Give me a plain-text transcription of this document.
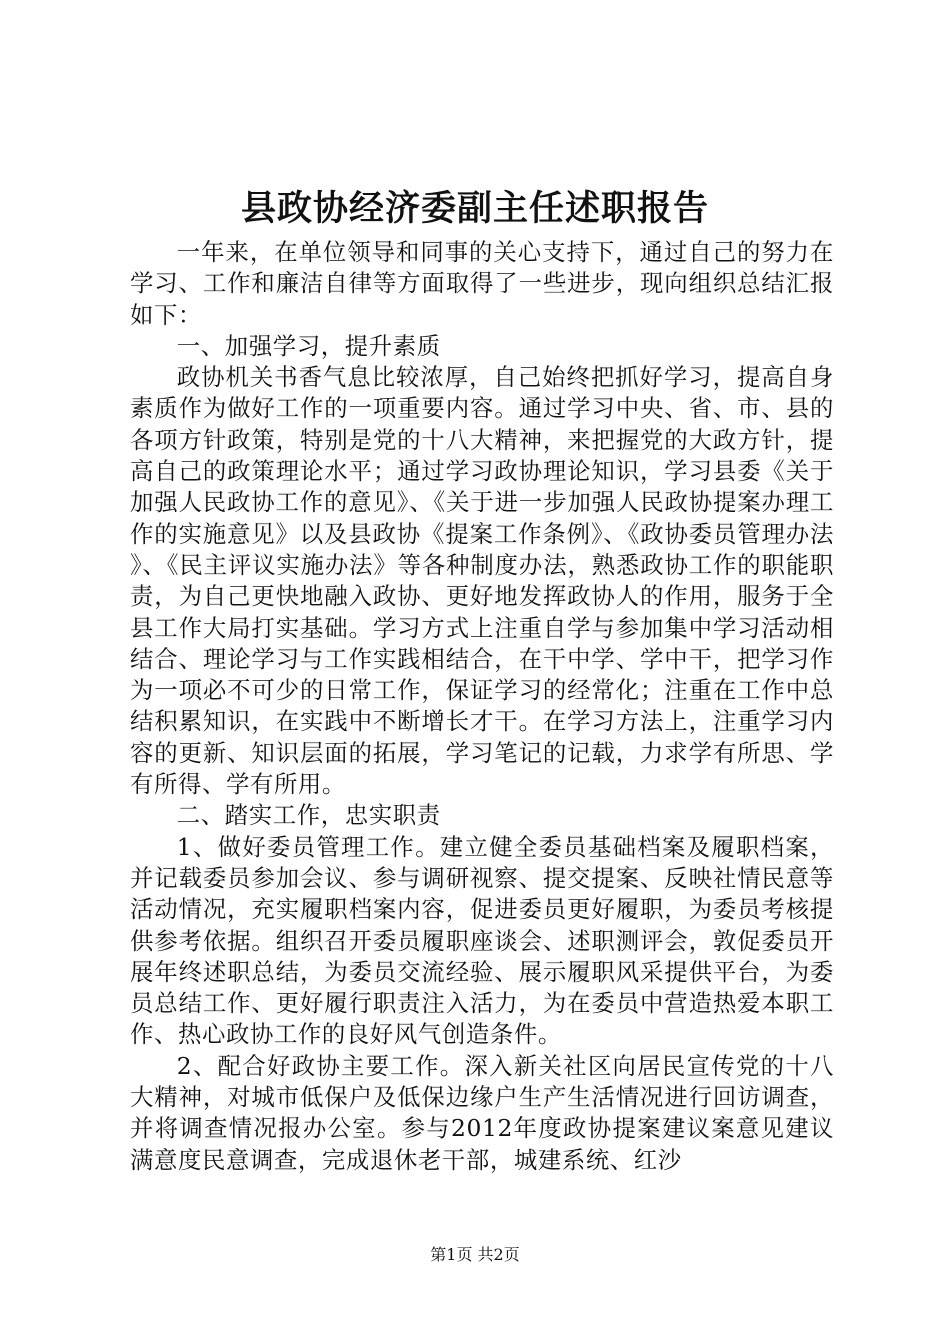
县政协经济委副主任述职报告

一年来，在单位领导和同事的关心支持下，通过自己的努力在学习、工作和廉洁自律等方面取得了一些进步，现向组织总结汇报如下：

一、加强学习，提升素质

政协机关书香气息比较浓厚，自己始终把抓好学习，提高自身素质作为做好工作的一项重要内容。通过学习中央、省、市、县的各项方针政策，特别是党的十八大精神，来把握党的大政方针，提高自己的政策理论水平；通过学习政协理论知识，学习县委《关于加强人民政协工作的意见》、《关于进一步加强人民政协提案办理工作的实施意见》以及县政协《提案工作条例》、《政协委员管理办法》、《民主评议实施办法》等各种制度办法，熟悉政协工作的职能职责，为自己更快地融入政协、更好地发挥政协人的作用，服务于全县工作大局打实基础。学习方式上注重自学与参加集中学习活动相结合、理论学习与工作实践相结合，在干中学、学中干，把学习作为一项必不可少的日常工作，保证学习的经常化；注重在工作中总结积累知识，在实践中不断增长才干。在学习方法上，注重学习内容的更新、知识层面的拓展，学习笔记的记载，力求学有所思、学有所得、学有所用。

二、踏实工作，忠实职责

1、做好委员管理工作。建立健全委员基础档案及履职档案，并记载委员参加会议、参与调研视察、提交提案、反映社情民意等活动情况，充实履职档案内容，促进委员更好履职，为委员考核提供参考依据。组织召开委员履职座谈会、述职测评会，敦促委员开展年终述职总结，为委员交流经验、展示履职风采提供平台，为委员总结工作、更好履行职责注入活力，为在委员中营造热爱本职工作、热心政协工作的良好风气创造条件。

2、配合好政协主要工作。深入新关社区向居民宣传党的十八大精神，对城市低保户及低保边缘户生产生活情况进行回访调查，并将调查情况报办公室。参与2012年度政协提案建议案意见建议满意度民意调查，完成退休老干部，城建系统、红沙

第1页 共2页
